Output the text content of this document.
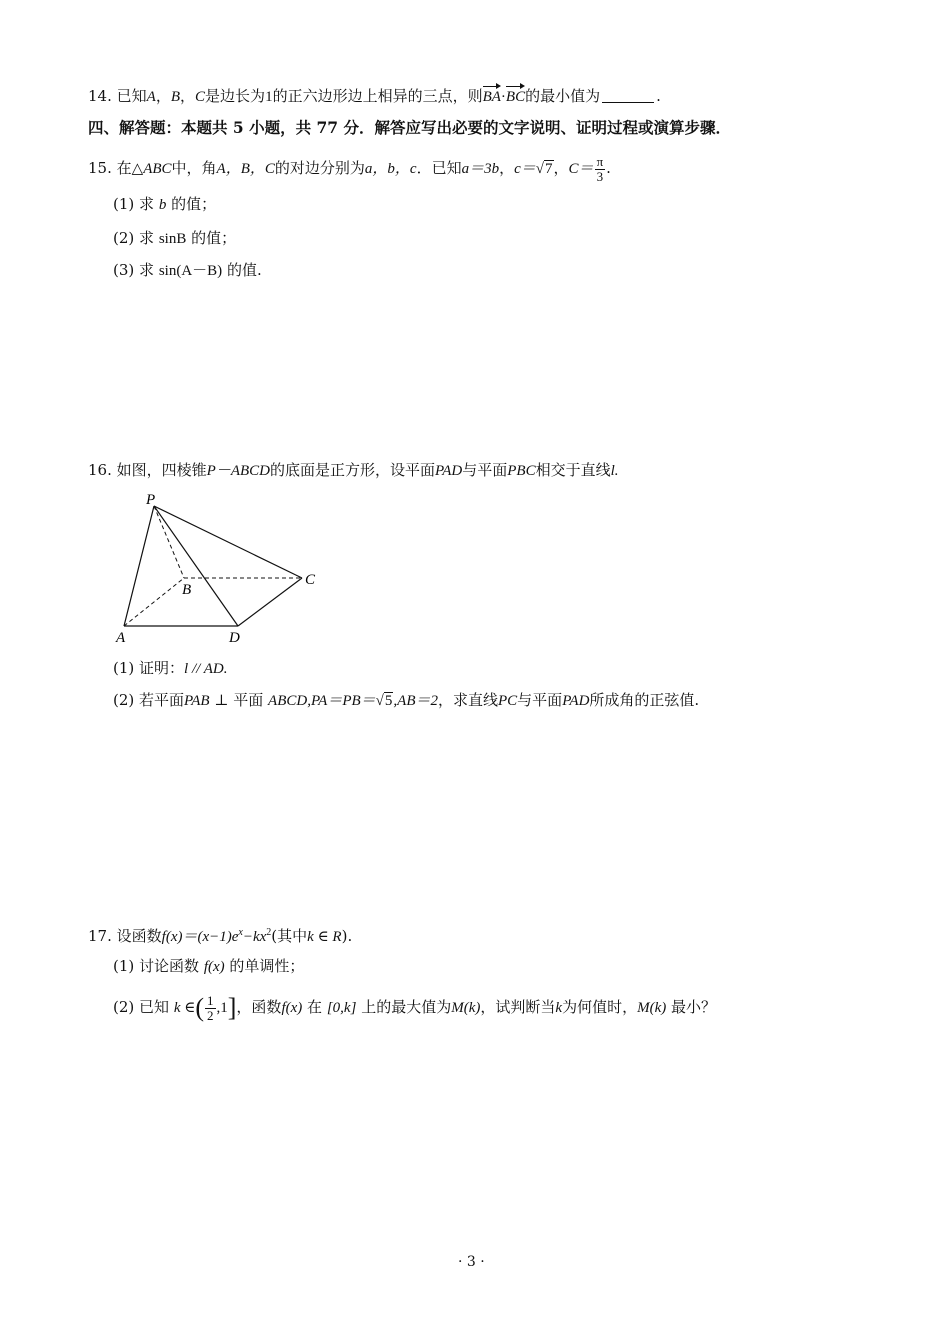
14. 已知A，B，C是边长为1的正六边形边上相异的三点，则BA·BC的最小值为	.
四、解答题：本题共 5 小题，共 77 分．解答应写出必要的文字说明、证明过程或演算步骤．
15. 在△ABC中，角A，B，C的对边分别为a，b，c．已知a＝3b，c＝√7，$C= \frac{\pi}{3}$ .
(1) 求 b 的值；
(2) 求 sinB 的值；
(3) 求 sin(A－B) 的值.
16. 如图，四棱锥P－ABCD的底面是正方形，设平面PAD与平面PBC相交于直线l.
P
A
B
C
D
(1) 证明：l // AD.
(2) 若平面PAB ⊥ 平面 ABCD,PA＝PB＝√5,AB＝2，求直线PC与平面PAD所成角的正弦值.
17. 设函数$f(x)=(x-1)e^x-kx^2$(其中k ∈ R).
(1) 讨论函数 f(x) 的单调性；
(2) 已知 k ∈( $\frac{1}{2} ,1$]，函数f(x) 在 [0,k] 上的最大值为M(k)，试判断当k为何值时，M(k) 最小？
· 3 ·
